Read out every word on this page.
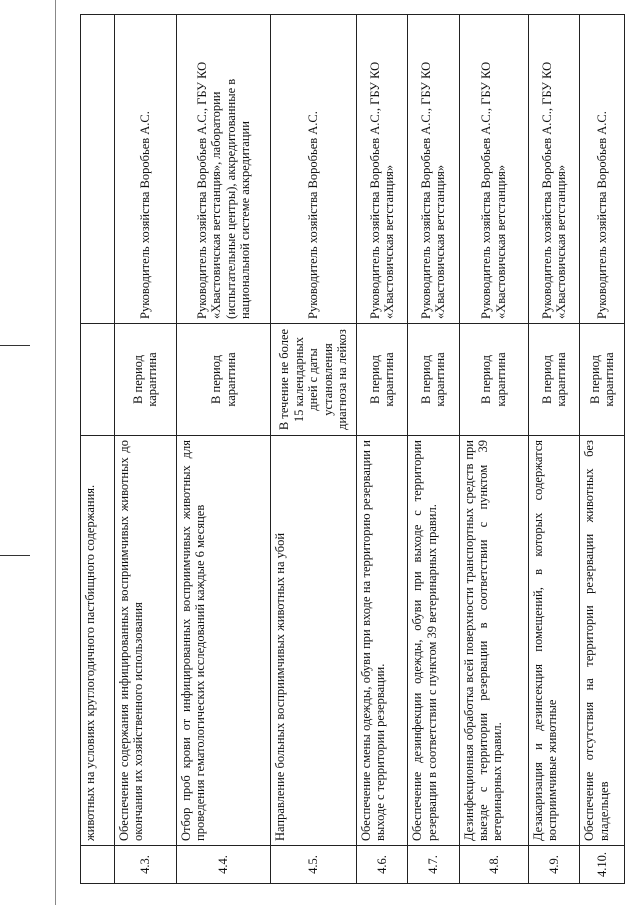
	животных на условиях круглогодичного пастбищного содержания.		
4.3.	Обеспечение содержания инфицированных восприимчивых животных до окончания их хозяйственного использования	В период карантина	Руководитель хозяйства Воробьев А.С.
4.4.	Отбор проб крови от инфицированных восприимчивых животных для проведения гематологических исследований каждые 6 месяцев	В период карантина	Руководитель хозяйства Воробьев А.С., ГБУ КО «Хвастовичская ветстанция», лаборатории (испытательные центры), аккредитованные в национальной системе аккредитации
4.5.	Направление больных восприимчивых животных на убой	В течение не более 15 календарных дней с даты установления диагноза на лейкоз	Руководитель хозяйства Воробьев А.С.
4.6.	Обеспечение смены одежды, обуви при входе на территорию резервации и выходе с территории резервации.	В период карантина	Руководитель хозяйства Воробьев А.С., ГБУ КО «Хвастовичская ветстанция»
4.7.	Обеспечение дезинфекции одежды, обуви при выходе с территории резервации в соответствии с пунктом 39 ветеринарных правил.	В период карантина	Руководитель хозяйства Воробьев А.С., ГБУ КО «Хвастовичская ветстанция»
4.8.	Дезинфекционная обработка всей поверхности транспортных средств при выезде с территории резервации в соответствии с пунктом 39 ветеринарных правил.	В период карантина	Руководитель хозяйства Воробьев А.С., ГБУ КО «Хвастовичская ветстанция»
4.9.	Дезакаризация и дезинсекция помещений, в которых содержатся восприимчивые животные	В период карантина	Руководитель хозяйства Воробьев А.С., ГБУ КО «Хвастовичская ветстанция»
4.10.	Обеспечение отсутствия на территории резервации животных без владельцев	В период карантина	Руководитель хозяйства Воробьев А.С.
